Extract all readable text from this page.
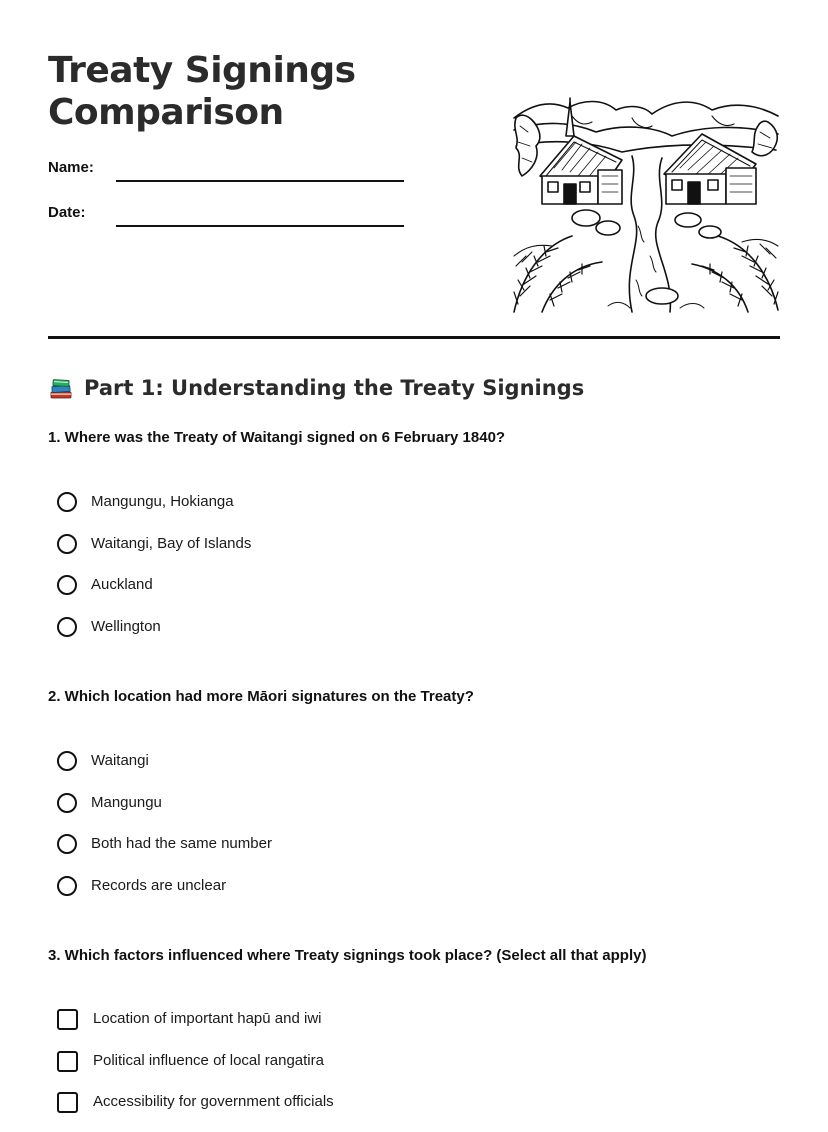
Treaty Signings
Comparison
Name:
Date:
Part 1: Understanding the Treaty Signings

1. Where was the Treaty of Waitangi signed on 6 February 1840?

Mangungu, Hokianga
Waitangi, Bay of Islands
Auckland
Wellington

2. Which location had more Māori signatures on the Treaty?

Waitangi
Mangungu
Both had the same number
Records are unclear

3. Which factors influenced where Treaty signings took place? (Select all that apply)

Location of important hapū and iwi
Political influence of local rangatira
Accessibility for government officials
